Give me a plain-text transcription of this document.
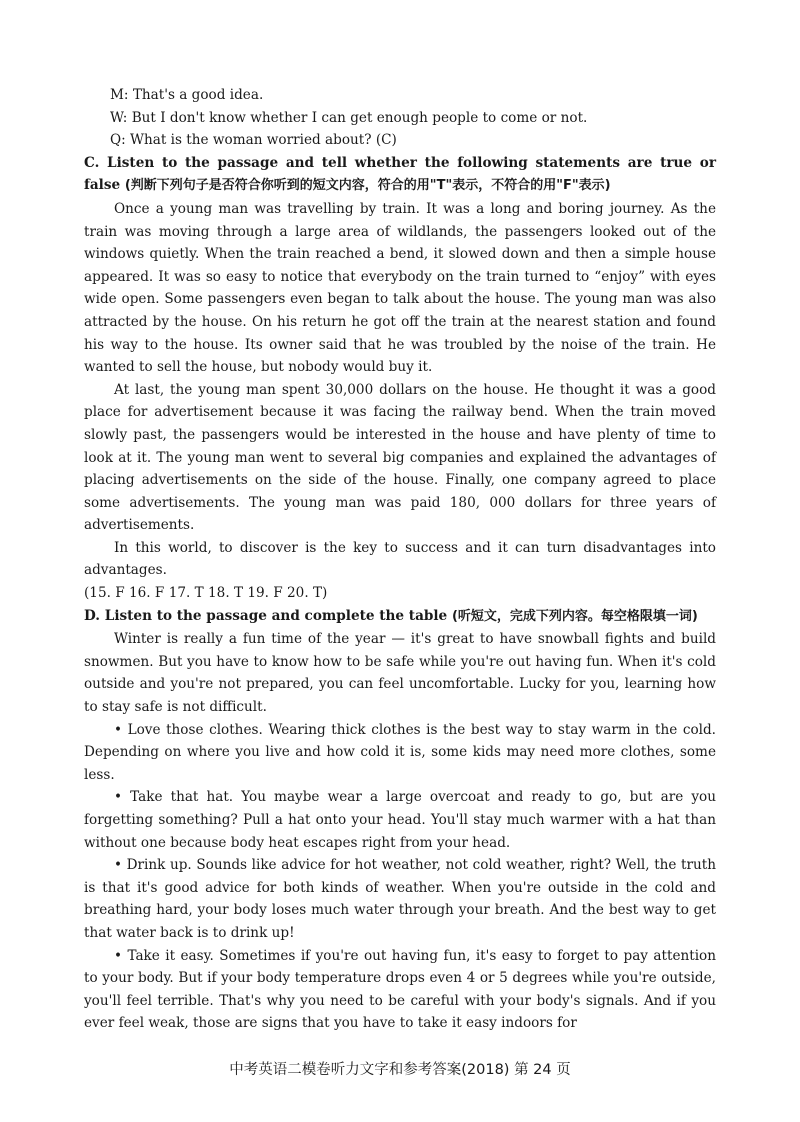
M: That's a good idea.

W: But I don't know whether I can get enough people to come or not.

Q: What is the woman worried about? (C)

C. Listen to the passage and tell whether the following statements are true or false (判断下列句子是否符合你听到的短文内容，符合的用"T"表示，不符合的用"F"表示)

Once a young man was travelling by train. It was a long and boring journey. As the train was moving through a large area of wildlands, the passengers looked out of the windows quietly. When the train reached a bend, it slowed down and then a simple house appeared. It was so easy to notice that everybody on the train turned to “enjoy” with eyes wide open. Some passengers even began to talk about the house. The young man was also attracted by the house. On his return he got off the train at the nearest station and found his way to the house. Its owner said that he was troubled by the noise of the train. He wanted to sell the house, but nobody would buy it.

At last, the young man spent 30,000 dollars on the house. He thought it was a good place for advertisement because it was facing the railway bend. When the train moved slowly past, the passengers would be interested in the house and have plenty of time to look at it. The young man went to several big companies and explained the advantages of placing advertisements on the side of the house. Finally, one company agreed to place some advertisements. The young man was paid 180, 000 dollars for three years of advertisements.

In this world, to discover is the key to success and it can turn disadvantages into advantages.

(15. F 16. F 17. T 18. T 19. F 20. T)

D. Listen to the passage and complete the table (听短文，完成下列内容。每空格限填一词)

Winter is really a fun time of the year — it's great to have snowball fights and build snowmen. But you have to know how to be safe while you're out having fun. When it's cold outside and you're not prepared, you can feel uncomfortable. Lucky for you, learning how to stay safe is not difficult.

• Love those clothes. Wearing thick clothes is the best way to stay warm in the cold. Depending on where you live and how cold it is, some kids may need more clothes, some less.

• Take that hat. You maybe wear a large overcoat and ready to go, but are you forgetting something? Pull a hat onto your head. You'll stay much warmer with a hat than without one because body heat escapes right from your head.

• Drink up. Sounds like advice for hot weather, not cold weather, right? Well, the truth is that it's good advice for both kinds of weather. When you're outside in the cold and breathing hard, your body loses much water through your breath. And the best way to get that water back is to drink up!

• Take it easy. Sometimes if you're out having fun, it's easy to forget to pay attention to your body. But if your body temperature drops even 4 or 5 degrees while you're outside, you'll feel terrible. That's why you need to be careful with your body's signals. And if you ever feel weak, those are signs that you have to take it easy indoors for

中考英语二模卷听力文字和参考答案(2018) 第 24 页
